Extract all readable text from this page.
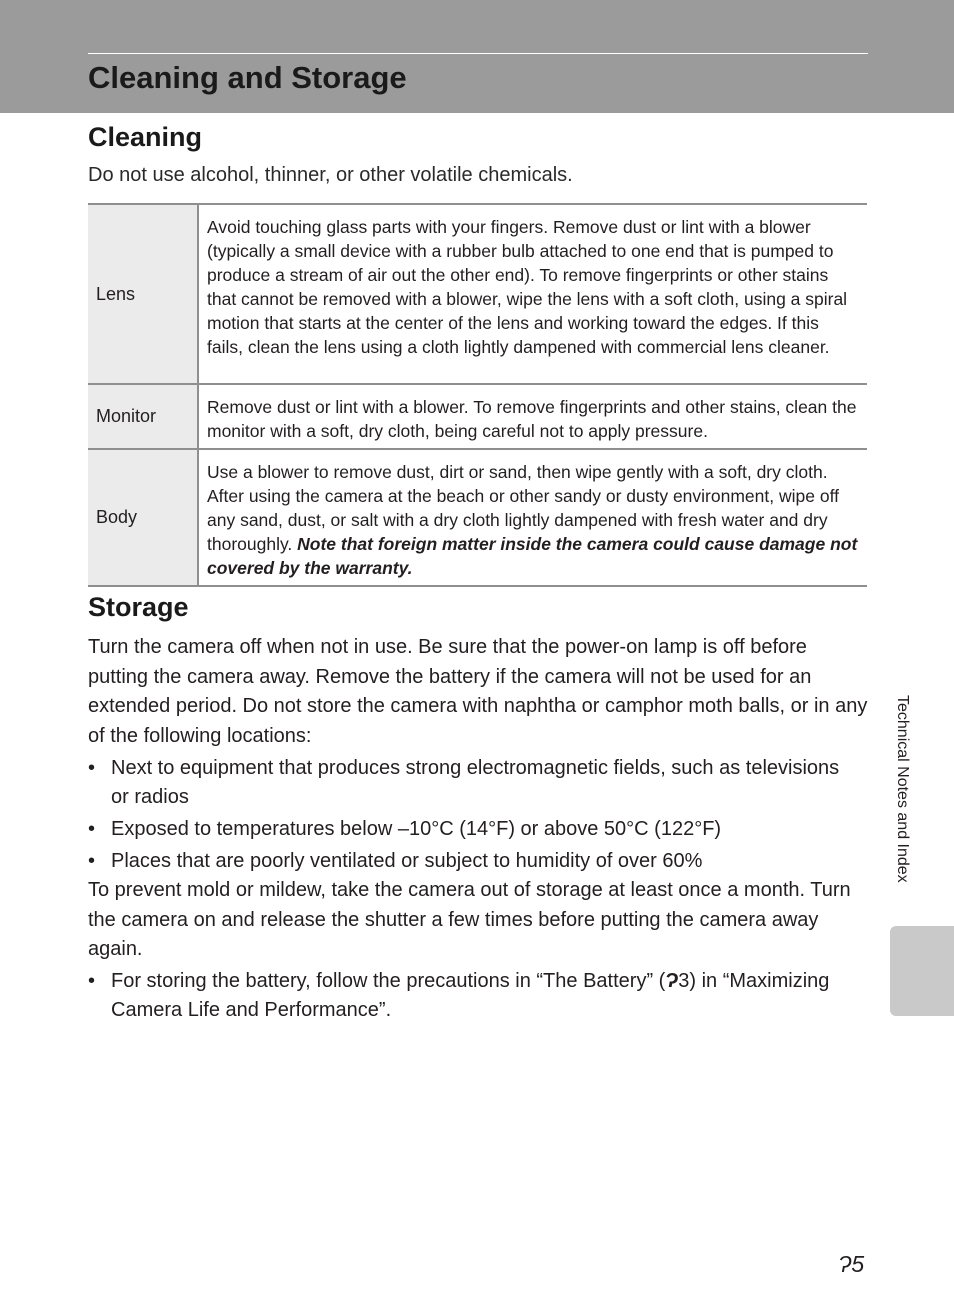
Cleaning and Storage
Cleaning

Do not use alcohol, thinner, or other volatile chemicals.

Lens	Avoid touching glass parts with your fingers. Remove dust or lint with a blower (typically a small device with a rubber bulb attached to one end that is pumped to produce a stream of air out the other end). To remove fingerprints or other stains that cannot be removed with a blower, wipe the lens with a soft cloth, using a spiral motion that starts at the center of the lens and working toward the edges. If this fails, clean the lens using a cloth lightly dampened with commercial lens cleaner.
Monitor	Remove dust or lint with a blower. To remove fingerprints and other stains, clean the monitor with a soft, dry cloth, being careful not to apply pressure.
Body	Use a blower to remove dust, dirt or sand, then wipe gently with a soft, dry cloth. After using the camera at the beach or other sandy or dusty environment, wipe off any sand, dust, or salt with a dry cloth lightly dampened with fresh water and dry thoroughly. Note that foreign matter inside the camera could cause damage not covered by the warranty.
Storage

Turn the camera off when not in use. Be sure that the power-on lamp is off before putting the camera away. Remove the battery if the camera will not be used for an extended period. Do not store the camera with naphtha or camphor moth balls, or in any of the following locations:

• Next to equipment that produces strong electromagnetic fields, such as televisions or radios
• Exposed to temperatures below –10°C (14°F) or above 50°C (122°F)
• Places that are poorly ventilated or subject to humidity of over 60%

To prevent mold or mildew, take the camera out of storage at least once a month. Turn the camera on and release the shutter a few times before putting the camera away again.

• For storing the battery, follow the precautions in “The Battery” (Ɂ3) in “Maximizing Camera Life and Performance”.
Technical Notes and Index
Ɂ5
